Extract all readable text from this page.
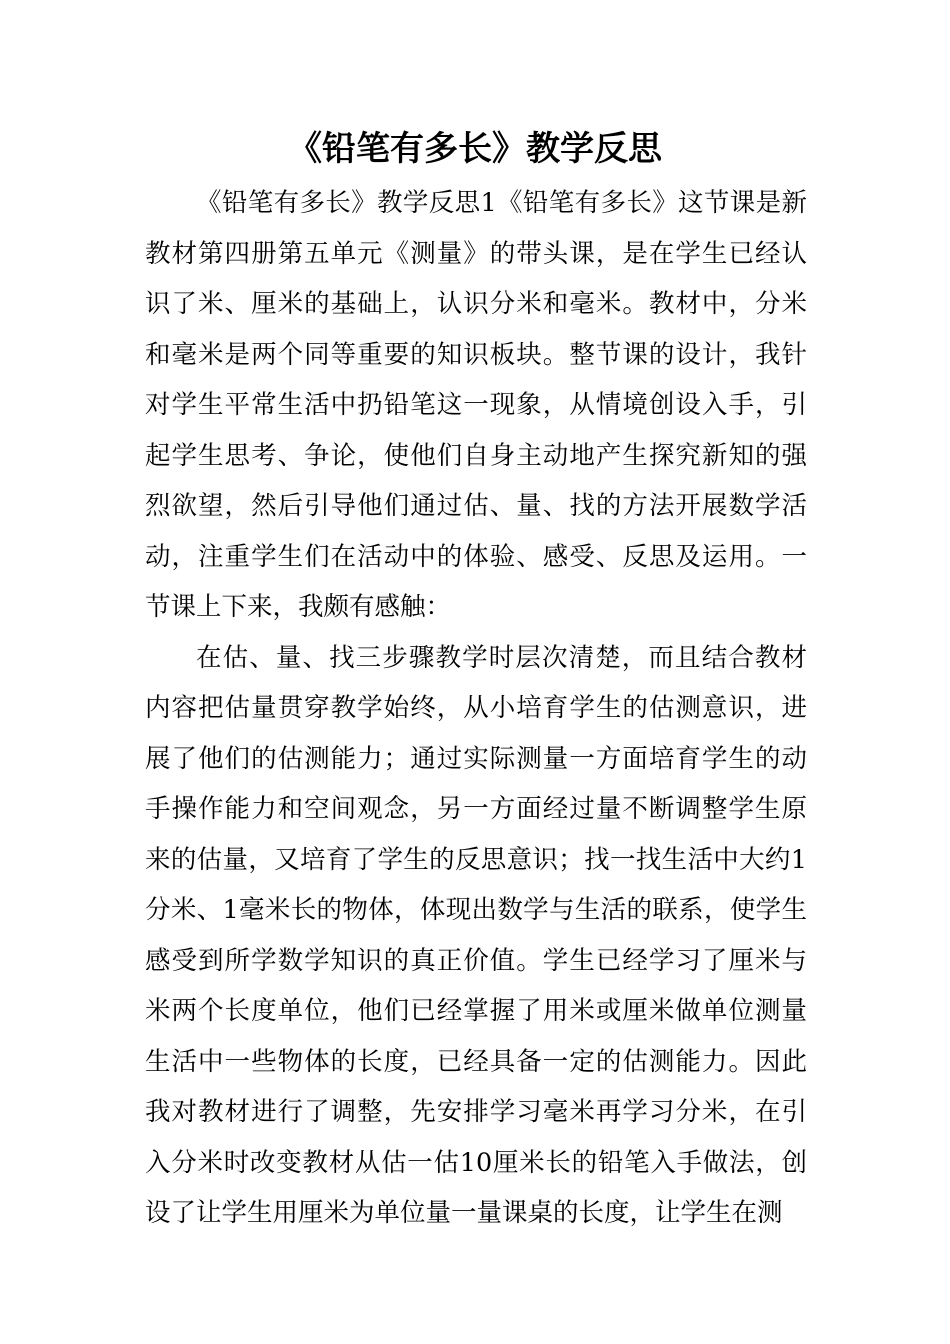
《铅笔有多长》教学反思

《铅笔有多长》教学反思1《铅笔有多长》这节课是新教材第四册第五单元《测量》的带头课，是在学生已经认识了米、厘米的基础上，认识分米和毫米。教材中，分米和毫米是两个同等重要的知识板块。整节课的设计，我针对学生平常生活中扔铅笔这一现象，从情境创设入手，引起学生思考、争论，使他们自身主动地产生探究新知的强烈欲望，然后引导他们通过估、量、找的方法开展数学活动，注重学生们在活动中的体验、感受、反思及运用。一节课上下来，我颇有感触：

在估、量、找三步骤教学时层次清楚，而且结合教材内容把估量贯穿教学始终，从小培育学生的估测意识，进展了他们的估测能力；通过实际测量一方面培育学生的动手操作能力和空间观念，另一方面经过量不断调整学生原来的估量，又培育了学生的反思意识；找一找生活中大约1分米、1毫米长的物体，体现出数学与生活的联系，使学生感受到所学数学知识的真正价值。学生已经学习了厘米与米两个长度单位，他们已经掌握了用米或厘米做单位测量生活中一些物体的长度，已经具备一定的估测能力。因此我对教材进行了调整，先安排学习毫米再学习分米，在引入分米时改变教材从估一估10厘米长的铅笔入手做法，创设了让学生用厘米为单位量一量课桌的长度，让学生在测
